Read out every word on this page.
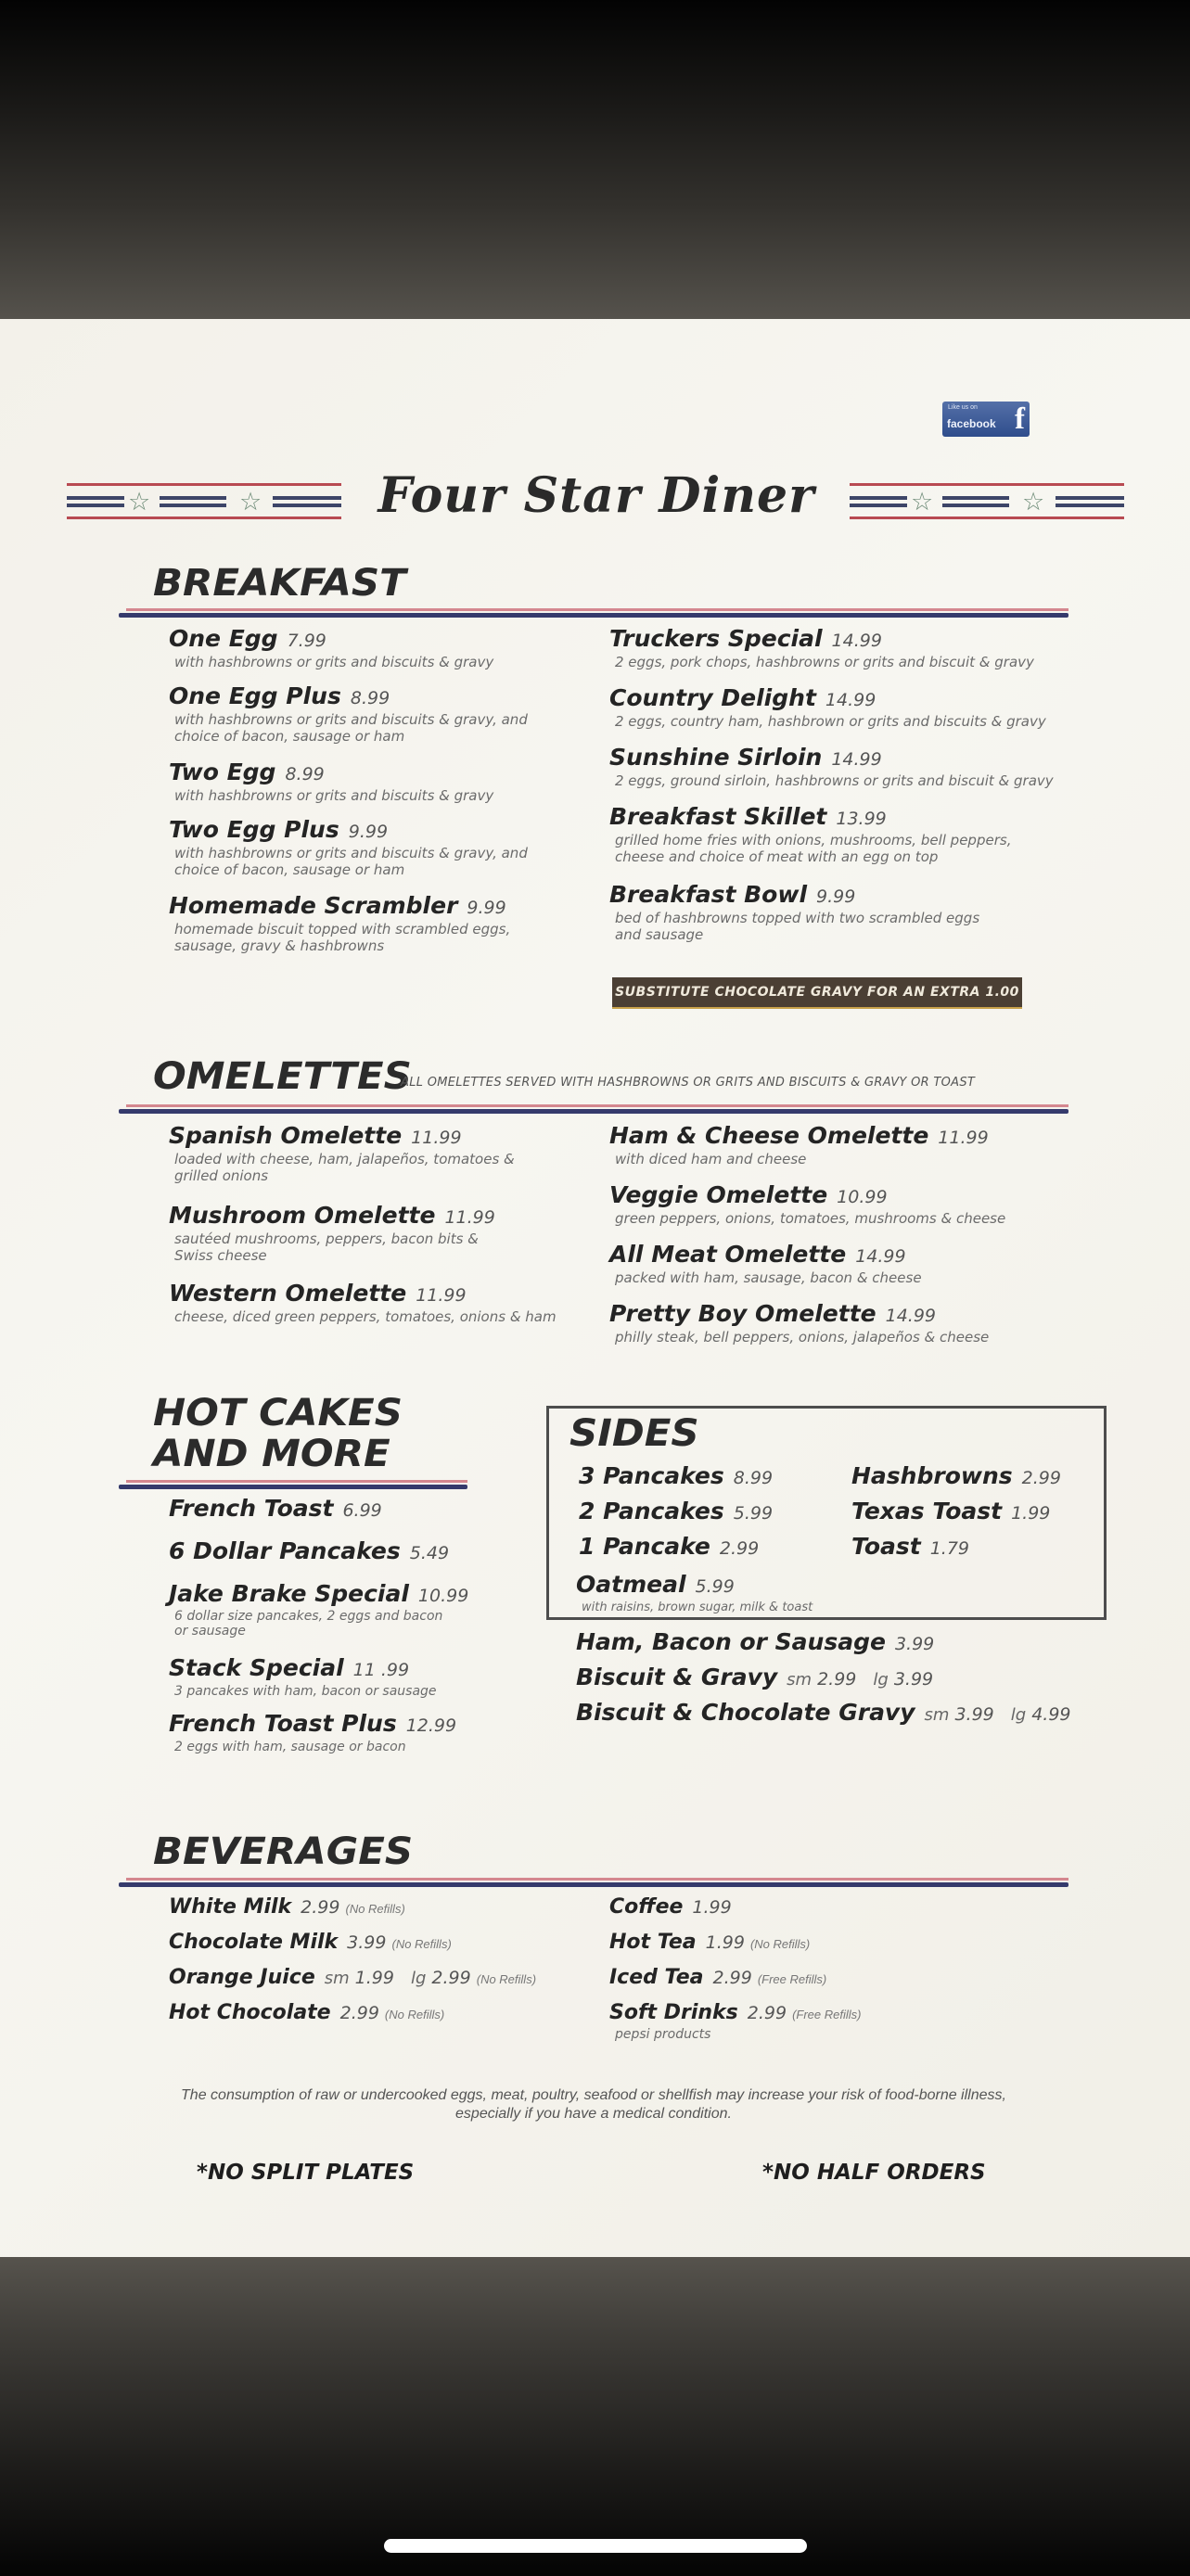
Like us on
facebook f
☆	☆	Four Star Diner	☆	☆
BREAKFAST
One Egg 7.99
with hashbrowns or grits and biscuits & gravy
One Egg Plus 8.99
with hashbrowns or grits and biscuits & gravy, and choice of bacon, sausage or ham
Two Egg 8.99
with hashbrowns or grits and biscuits & gravy
Two Egg Plus 9.99
with hashbrowns or grits and biscuits & gravy, and choice of bacon, sausage or ham
Homemade Scrambler 9.99
homemade biscuit topped with scrambled eggs, sausage, gravy & hashbrowns
Truckers Special 14.99
2 eggs, pork chops, hashbrowns or grits and biscuit & gravy
Country Delight 14.99
2 eggs, country ham, hashbrown or grits and biscuits & gravy
Sunshine Sirloin 14.99
2 eggs, ground sirloin, hashbrowns or grits and biscuit & gravy
Breakfast Skillet 13.99
grilled home fries with onions, mushrooms, bell peppers, cheese and choice of meat with an egg on top
Breakfast Bowl 9.99
bed of hashbrowns topped with two scrambled eggs and sausage
SUBSTITUTE CHOCOLATE GRAVY FOR AN EXTRA 1.00
OMELETTES
ALL OMELETTES SERVED WITH HASHBROWNS OR GRITS AND BISCUITS & GRAVY OR TOAST
Spanish Omelette 11.99
loaded with cheese, ham, jalapeños, tomatoes & grilled onions
Mushroom Omelette 11.99
sautéed mushrooms, peppers, bacon bits & Swiss cheese
Western Omelette 11.99
cheese, diced green peppers, tomatoes, onions & ham
Ham & Cheese Omelette 11.99
with diced ham and cheese
Veggie Omelette 10.99
green peppers, onions, tomatoes, mushrooms & cheese
All Meat Omelette 14.99
packed with ham, sausage, bacon & cheese
Pretty Boy Omelette 14.99
philly steak, bell peppers, onions, jalapeños & cheese
HOT CAKES
AND MORE
French Toast 6.99
6 Dollar Pancakes 5.49
Jake Brake Special 10.99
6 dollar size pancakes, 2 eggs and bacon or sausage
Stack Special 11 .99
3 pancakes with ham, bacon or sausage
French Toast Plus 12.99
2 eggs with ham, sausage or bacon
SIDES
3 Pancakes 8.99
2 Pancakes 5.99
1 Pancake 2.99
Hashbrowns 2.99
Texas Toast 1.99
Toast 1.79
Oatmeal 5.99
with raisins, brown sugar, milk & toast
Ham, Bacon or Sausage 3.99
Biscuit & Gravy sm 2.99 lg 3.99
Biscuit & Chocolate Gravy sm 3.99 lg 4.99
BEVERAGES
White Milk 2.99 (No Refills)
Chocolate Milk 3.99 (No Refills)
Orange Juice sm 1.99 lg 2.99 (No Refills)
Hot Chocolate 2.99 (No Refills)
Coffee 1.99
Hot Tea 1.99 (No Refills)
Iced Tea 2.99 (Free Refills)
Soft Drinks 2.99 (Free Refills)
pepsi products
The consumption of raw or undercooked eggs, meat, poultry, seafood or shellfish may increase your risk of food-borne illness, especially if you have a medical condition.
*NO SPLIT PLATES	*NO HALF ORDERS
